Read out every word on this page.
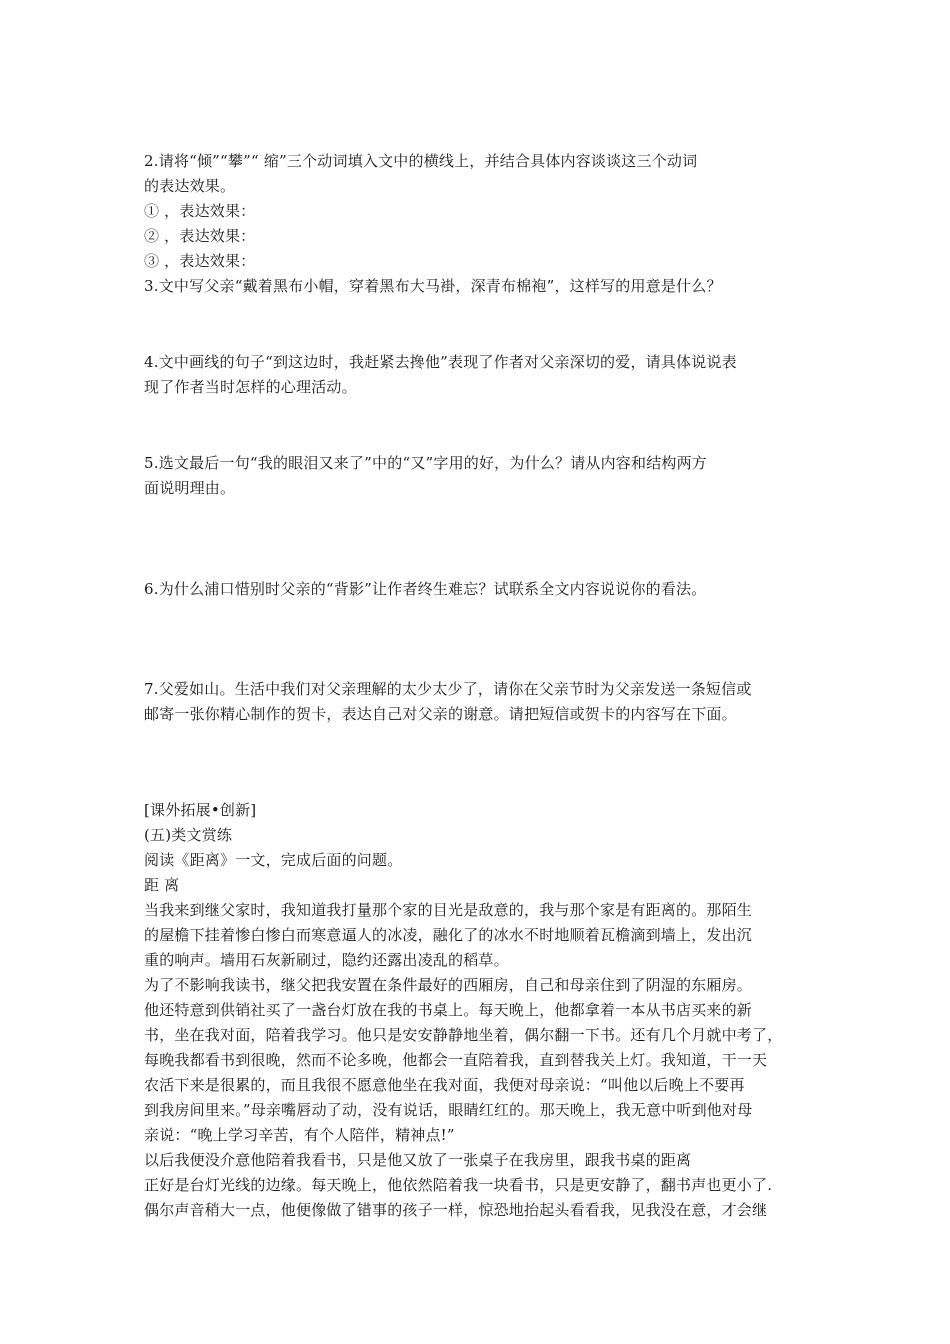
2.请将“倾”“攀”“ 缩”三个动词填入文中的横线上，并结合具体内容谈谈这三个动词
的表达效果。
① ，表达效果：
② ，表达效果：
③ ，表达效果：
3.文中写父亲“戴着黑布小帽，穿着黑布大马褂，深青布棉袍”，这样写的用意是什么？
4.文中画线的句子“到这边时，我赶紧去搀他”表现了作者对父亲深切的爱，请具体说说表
现了作者当时怎样的心理活动。
5.选文最后一句“我的眼泪又来了”中的“又”字用的好，为什么？请从内容和结构两方
面说明理由。
6.为什么浦口惜别时父亲的“背影”让作者终生难忘？试联系全文内容说说你的看法。
7.父爱如山。生活中我们对父亲理解的太少太少了，请你在父亲节时为父亲发送一条短信或
邮寄一张你精心制作的贺卡，表达自己对父亲的谢意。请把短信或贺卡的内容写在下面。
[课外拓展•创新]
(五)类文赏练
阅读《距离》一文，完成后面的问题。
距 离
当我来到继父家时，我知道我打量那个家的目光是敌意的，我与那个家是有距离的。那陌生
的屋檐下挂着惨白惨白而寒意逼人的冰凌，融化了的冰水不时地顺着瓦檐滴到墙上，发出沉
重的响声。墙用石灰新刷过，隐约还露出凌乱的稻草。
为了不影响我读书，继父把我安置在条件最好的西厢房，自己和母亲住到了阴湿的东厢房。
他还特意到供销社买了一盏台灯放在我的书桌上。每天晚上，他都拿着一本从书店买来的新
书，坐在我对面，陪着我学习。他只是安安静静地坐着，偶尔翻一下书。还有几个月就中考了，
每晚我都看书到很晚，然而不论多晚，他都会一直陪着我，直到替我关上灯。我知道，干一天
农活下来是很累的，而且我很不愿意他坐在我对面，我便对母亲说：“叫他以后晚上不要再
到我房间里来。”母亲嘴唇动了动，没有说话，眼睛红红的。那天晚上，我无意中听到他对母
亲说：“晚上学习辛苦，有个人陪伴，精神点!”
以后我便没介意他陪着我看书，只是他又放了一张桌子在我房里，跟我书桌的距离
正好是台灯光线的边缘。每天晚上，他依然陪着我一块看书，只是更安静了，翻书声也更小了.
偶尔声音稍大一点，他便像做了错事的孩子一样，惊恐地抬起头看看我，见我没在意，才会继
